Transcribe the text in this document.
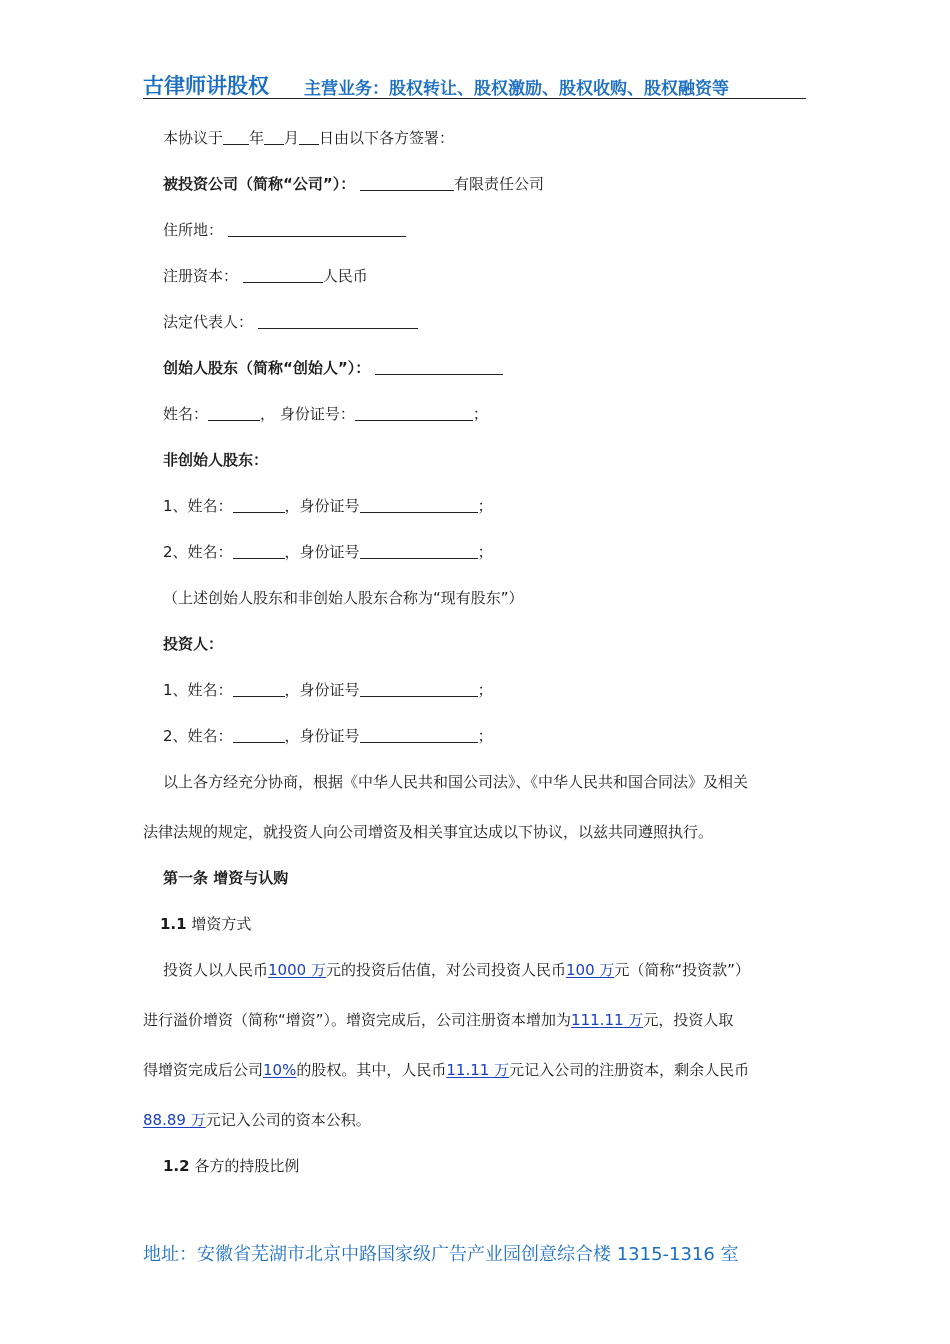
古律师讲股权 主营业务：股权转让、股权激励、股权收购、股权融资等
本协议于 年 月 日由以下各方签署：
被投资公司（简称“公司”）：	有限责任公司
住所地：
注册资本：	人民币
法定代表人：
创始人股东（简称“创始人”）：
姓名：	， 身份证号：	；
非创始人股东：
1、姓名：	，身份证号	；
2、姓名：	，身份证号	；
（上述创始人股东和非创始人股东合称为“现有股东”）
投资人：
1、姓名：	，身份证号	；
2、姓名：	，身份证号	；
以上各方经充分协商，根据《中华人民共和国公司法》、《中华人民共和国合同法》及相关
法律法规的规定，就投资人向公司增资及相关事宜达成以下协议，以兹共同遵照执行。
第一条 增资与认购
1.1 增资方式
投资人以人民币1000 万元的投资后估值，对公司投资人民币100 万元（简称“投资款”）
进行溢价增资（简称“增资”）。增资完成后，公司注册资本增加为111.11 万元，投资人取
得增资完成后公司10%的股权。其中，人民币11.11 万元记入公司的注册资本，剩余人民币
88.89 万元记入公司的资本公积。
1.2 各方的持股比例
地址：安徽省芜湖市北京中路国家级广告产业园创意综合楼 1315-1316 室
